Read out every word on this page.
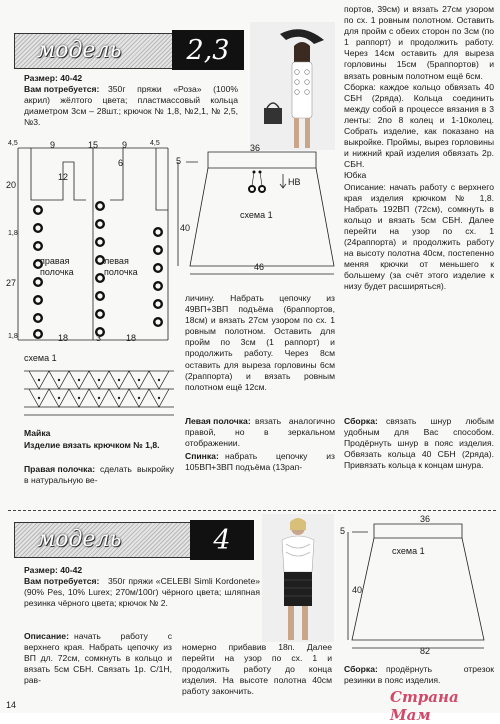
модель	2,3
Размер: 40-42
Вам потребуется:	350г пряжи «Роза» (100% акрил) жёлтого цвета; пластмассовый кольца диаметром 3см – 28шт.; крючок № 1,8, №2,1, № 2,5, №3.
4,5	9	15	9	4,5
12
6
20
1,8
27
1,8	18	3	18
правая
полочка
левая
полочка
схема 1
Майка
Изделие вязать крючком № 1,8.
Правая полочка: сделать выкройку в натуральную ве-
36
5
40
46
НВ
схема 1
личину. Набрать цепочку из 49ВП+3ВП подъёма (6раппортов, 18см) и вязать 27см узором по сх. 1 ровным полотном. Оставить для пройм по 3см (1 раппорт) и продолжить работу. Через 8см оставить для выреза горловины 6см (2раппорта) и вязать ровным полотном ещё 12см.
Левая полочка: вязать аналогично правой, но в зеркальном отображении.
Спинка: набрать цепочку из 105ВП+3ВП подъёма (13рап-
портов, 39см) и вязать 27см узором по сх. 1 ровным полотном. Оставить для пройм с обеих сторон по 3см (по 1 раппорт) и продолжить работу. Через 14см оставить для выреза горловины 15см (5раппортов) и вязать ровным полотном ещё 6см.
Сборка: каждое кольцо обвязать 40 СБН (2ряда). Кольца соединить между собой в процессе вязания в 3 ленты: 2по 8 колец и 1-10колец. Собрать изделие, как показано на выкройке. Проймы, вырез горловины и нижний край изделия обвязать 2р. СБН.
Юбка
Описание: начать работу с верхнего края изделия крючком № 1,8. Набрать 192ВП (72см), сомкнуть в кольцо и вязать 5см СБН. Далее перейти на узор по сх. 1 (24раппорта) и продолжить работу на высоту полотна 40см, постепенно меняя крючки от меньшего к большему (за счёт этого изделие к низу будет расширяться).
Сборка: связать шнур любым удобным для Вас способом. Продёрнуть шнур в пояс изделия. Обвязать кольца 40 СБН (2ряда). Привязать кольца к концам шнура.
модель	4
Размер: 40-42
Вам потребуется:	350г пряжи «CELEBI Simli Kordonete» (90% Pes, 10% Lurex; 270м/100г) чёрного цвета; шляпная резинка чёрного цвета; крючок № 2.
Описание: начать работу с верхнего края. Набрать цепочку из ВП дл. 72см, сомкнуть в кольцо и вязать 5см СБН. Связать 1р. С/1Н, рав-
номерно прибавив 18п. Далее перейти на узор по сх. 1 и продолжить работу до конца изделия. На высоте полотна 40см работу закончить.
36
5
40
схема 1
82
Сборка: продёрнуть отрезок резинки в пояс изделия.
14	Страна Мам
